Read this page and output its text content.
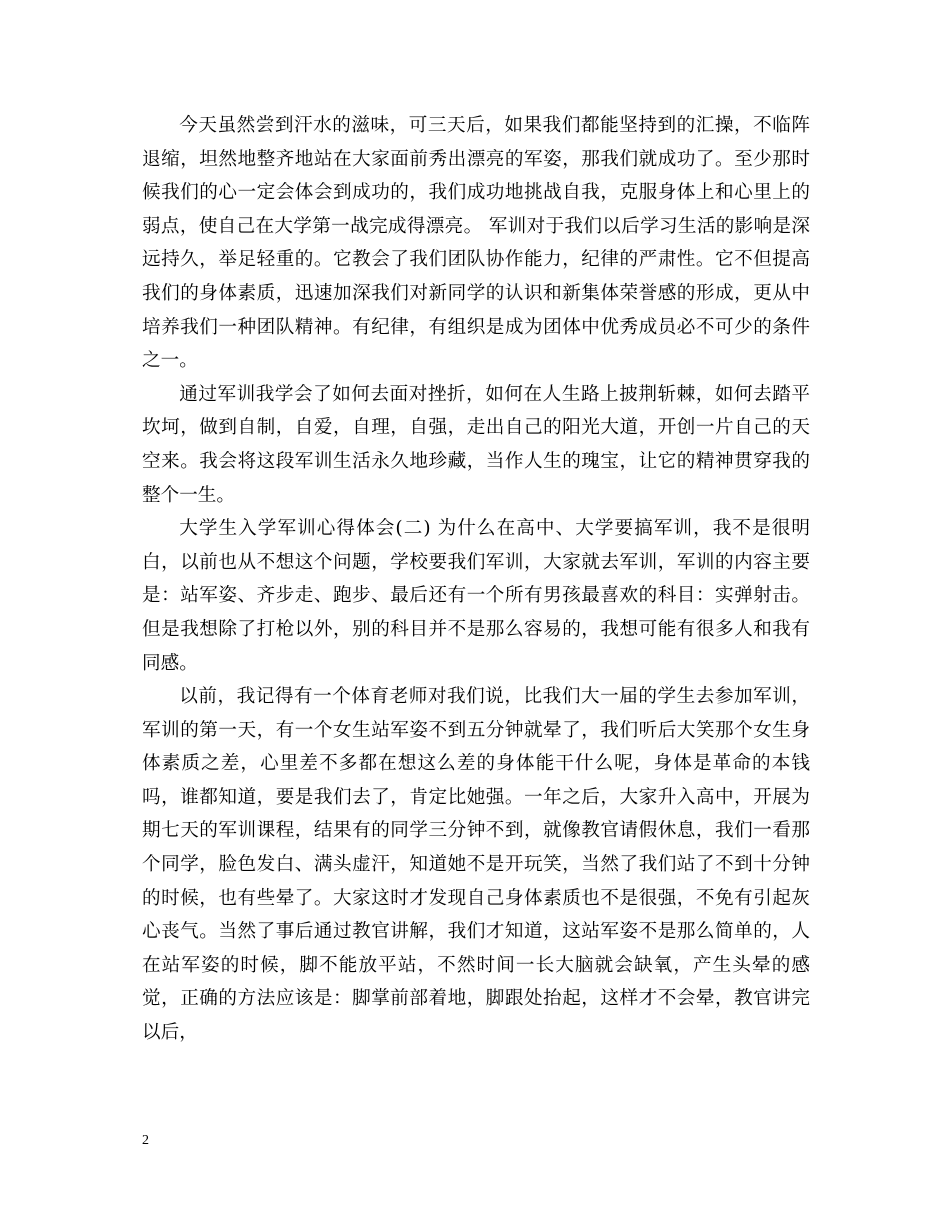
今天虽然尝到汗水的滋味，可三天后，如果我们都能坚持到的汇操，不临阵退缩，坦然地整齐地站在大家面前秀出漂亮的军姿，那我们就成功了。至少那时候我们的心一定会体会到成功的，我们成功地挑战自我，克服身体上和心里上的弱点，使自己在大学第一战完成得漂亮。 军训对于我们以后学习生活的影响是深远持久，举足轻重的。它教会了我们团队协作能力，纪律的严肃性。它不但提高我们的身体素质，迅速加深我们对新同学的认识和新集体荣誉感的形成，更从中培养我们一种团队精神。有纪律，有组织是成为团体中优秀成员必不可少的条件之一。

通过军训我学会了如何去面对挫折，如何在人生路上披荆斩棘，如何去踏平坎坷，做到自制，自爱，自理，自强，走出自己的阳光大道，开创一片自己的天空来。我会将这段军训生活永久地珍藏，当作人生的瑰宝，让它的精神贯穿我的整个一生。

大学生入学军训心得体会(二) 为什么在高中、大学要搞军训，我不是很明白，以前也从不想这个问题，学校要我们军训，大家就去军训，军训的内容主要是：站军姿、齐步走、跑步、最后还有一个所有男孩最喜欢的科目：实弹射击。但是我想除了打枪以外，别的科目并不是那么容易的，我想可能有很多人和我有同感。

以前，我记得有一个体育老师对我们说，比我们大一届的学生去参加军训，军训的第一天，有一个女生站军姿不到五分钟就晕了，我们听后大笑那个女生身体素质之差，心里差不多都在想这么差的身体能干什么呢，身体是革命的本钱吗，谁都知道，要是我们去了，肯定比她强。一年之后，大家升入高中，开展为期七天的军训课程，结果有的同学三分钟不到，就像教官请假休息，我们一看那个同学，脸色发白、满头虚汗，知道她不是开玩笑，当然了我们站了不到十分钟的时候，也有些晕了。大家这时才发现自己身体素质也不是很强，不免有引起灰心丧气。当然了事后通过教官讲解，我们才知道，这站军姿不是那么简单的，人在站军姿的时候，脚不能放平站，不然时间一长大脑就会缺氧，产生头晕的感觉，正确的方法应该是：脚掌前部着地，脚跟处抬起，这样才不会晕，教官讲完以后，

2
